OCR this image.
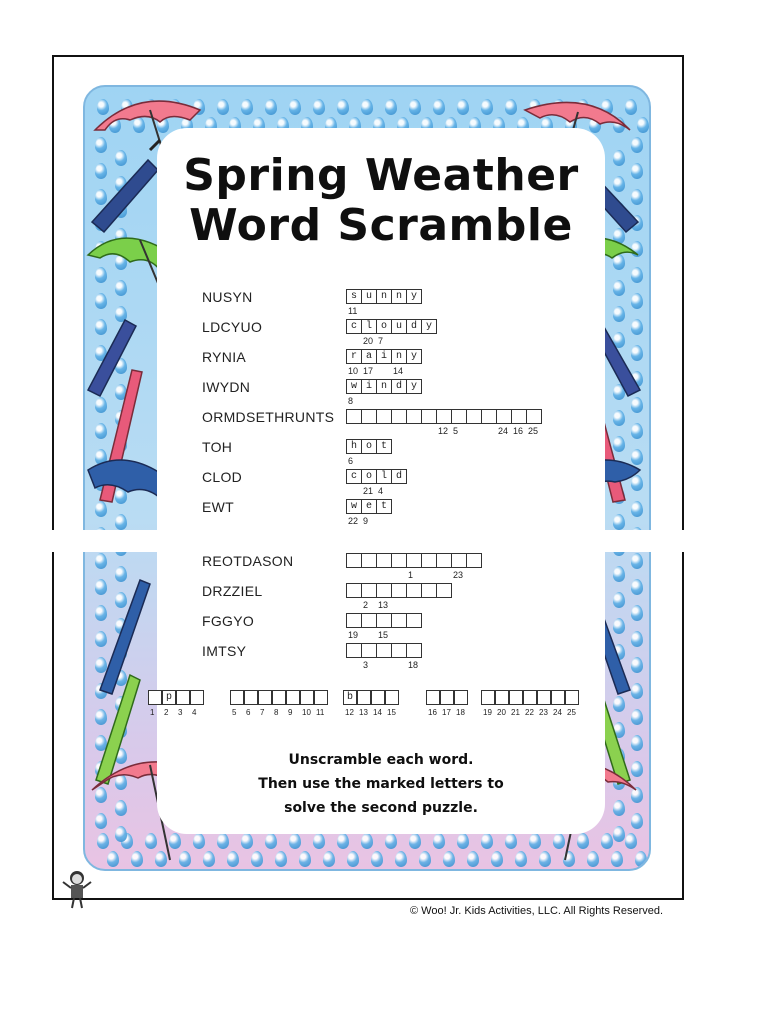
Spring Weather
Word Scramble
NUSYN	s u n n y
11
LDCYUO	c l o u d y
20 7
RYNIA	r a i n y
10 17 14
IWYDN	w i n d y
8
ORMDSETHRUNTS
12 5	24 16 25
TOH	h o t
6
CLOD	c o l d
21 4
EWT	w e t
22 9
REOTDASON
1	23
DRZZIEL
2 13
FGGYO
19 15
IMTSY
3	18
1
p
2 3 4	5 6 7 8 9 10 11
b
12 13 14 15	16 17 18 19 20 21 22 23 24 25
Unscramble each word.
Then use the marked letters to
solve the second puzzle.
© Woo! Jr. Kids Activities, LLC. All Rights Reserved.
